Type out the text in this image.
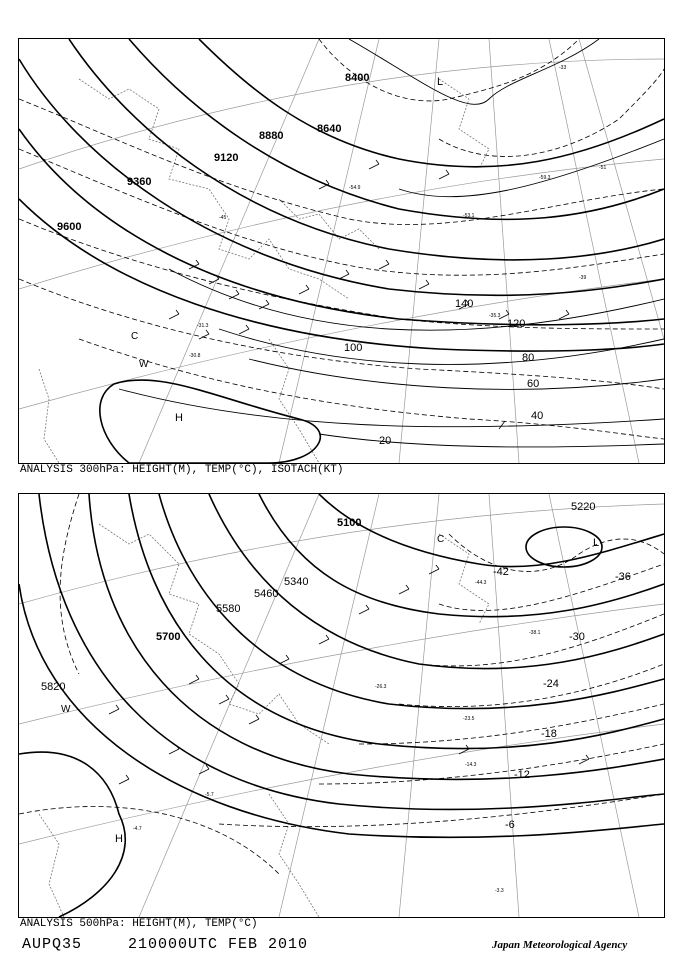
8400
8640
8880
9120
9360
9600
20
40
60
80
100
120
140
-33
-39
-45
-51
-53.1
-54.9
-59.3
-31.3
-30.8
-35.3
H
C
W
L
ANALYSIS 300hPa: HEIGHT(M), TEMP(°C), ISOTACH(KT)
5100
5220
5340
5460
5580
5700
5820
-42	-36
-30
-24
-18
-12
-6
-38.1
-44.3
-26.3
-23.5
-14.3
-5.7
-4.7
-3.3
H
L
C
W
ANALYSIS 500hPa: HEIGHT(M), TEMP(°C)
AUPQ35	210000UTC FEB 2010	Japan Meteorological Agency
